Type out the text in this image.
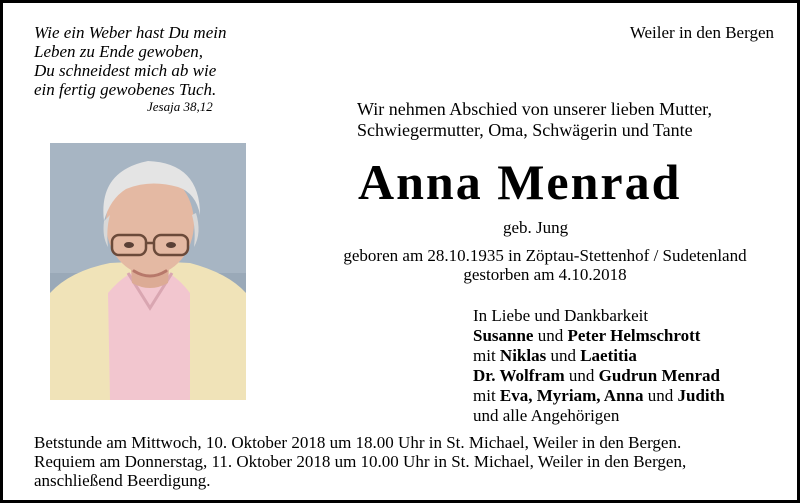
Wie ein Weber hast Du mein
Leben zu Ende gewoben,
Du schneidest mich ab wie
ein fertig gewobenes Tuch.
Jesaja 38,12
Weiler in den Bergen
Wir nehmen Abschied von unserer lieben Mutter,
Schwiegermutter, Oma, Schwägerin und Tante
Anna Menrad
geb. Jung
geboren am 28.10.1935 in Zöptau-Stettenhof / Sudetenland
gestorben am 4.10.2018
In Liebe und Dankbarkeit
Susanne und Peter Helmschrott
mit Niklas und Laetitia
Dr. Wolfram und Gudrun Menrad
mit Eva, Myriam, Anna und Judith
und alle Angehörigen
Betstunde am Mittwoch, 10. Oktober 2018 um 18.00 Uhr in St. Michael, Weiler in den Bergen.
Requiem am Donnerstag, 11. Oktober 2018 um 10.00 Uhr in St. Michael, Weiler in den Bergen,
anschließend Beerdigung.
